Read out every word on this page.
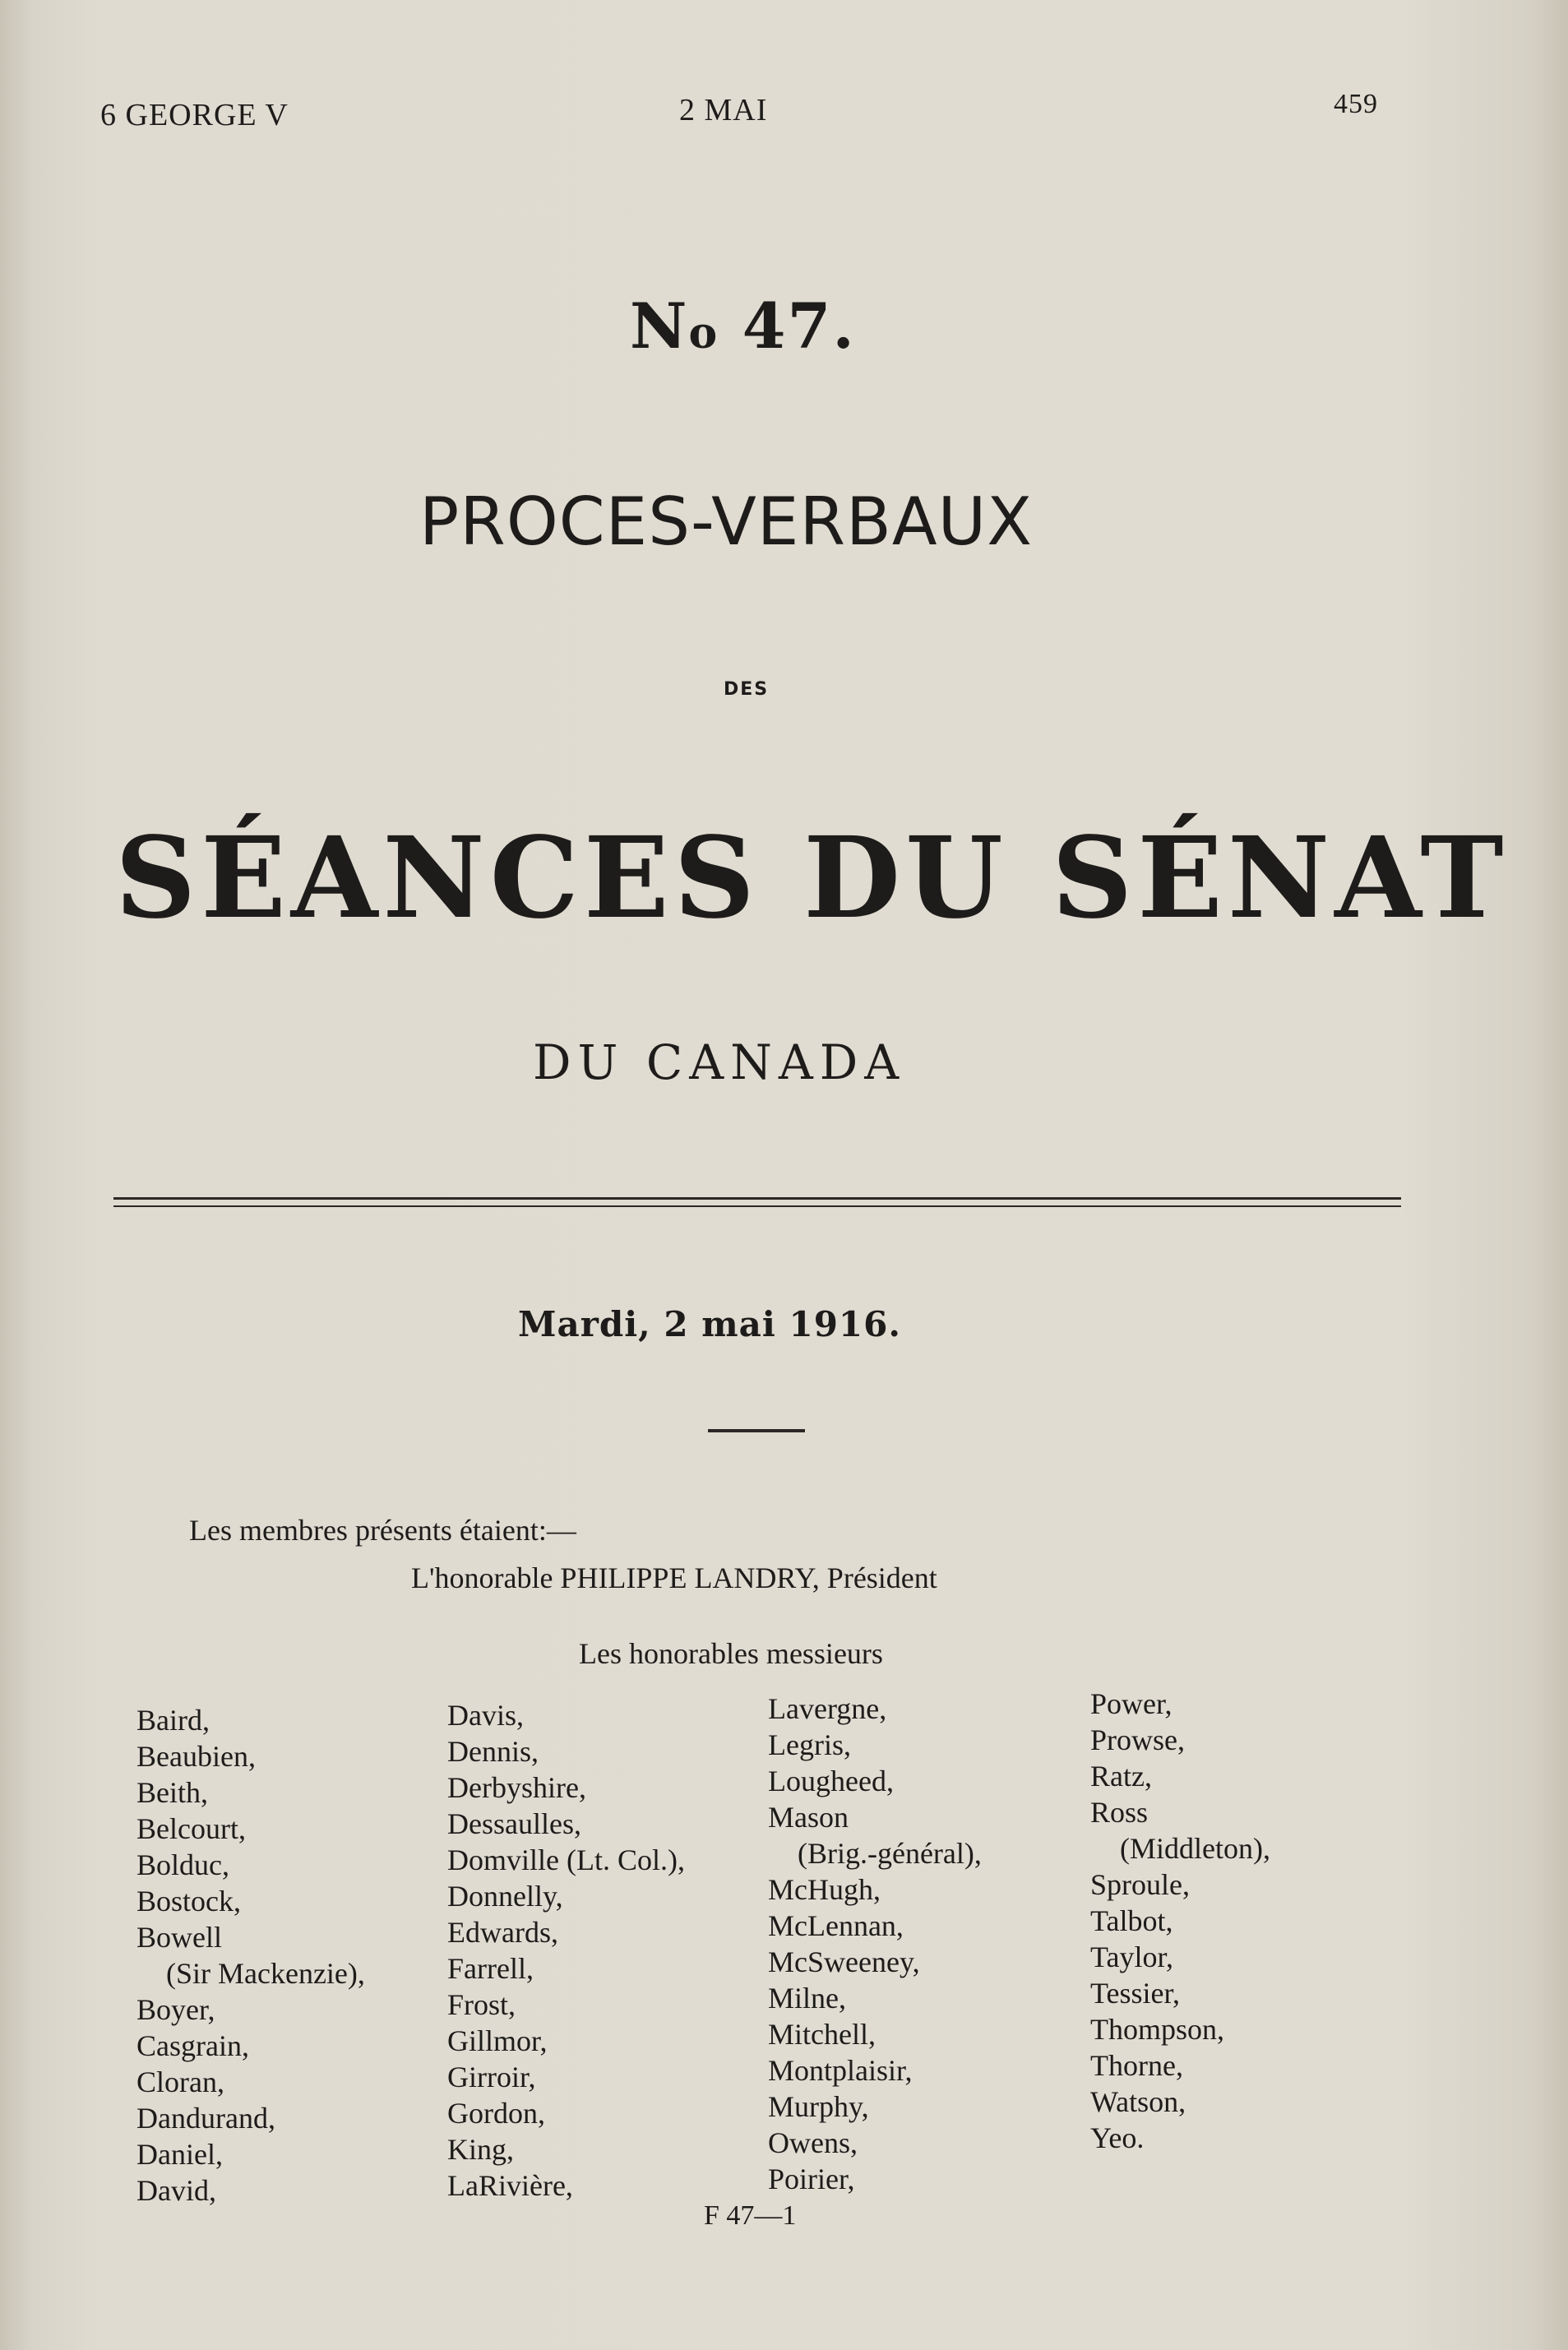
6 GEORGE V	2 MAI	459
No 47.
PROCES-VERBAUX
DES
SÉANCES DU SÉNAT
DU CANADA
Mardi, 2 mai 1916.
Les membres présents étaient:—
L'honorable PHILIPPE LANDRY, Président
Les honorables messieurs
Baird,
Beaubien,
Beith,
Belcourt,
Bolduc,
Bostock,
Bowell
(Sir Mackenzie),
Boyer,
Casgrain,
Cloran,
Dandurand,
Daniel,
David,
Davis,
Dennis,
Derbyshire,
Dessaulles,
Domville (Lt. Col.),
Donnelly,
Edwards,
Farrell,
Frost,
Gillmor,
Girroir,
Gordon,
King,
LaRivière,
Lavergne,
Legris,
Lougheed,
Mason
(Brig.-général),
McHugh,
McLennan,
McSweeney,
Milne,
Mitchell,
Montplaisir,
Murphy,
Owens,
Poirier,
Power,
Prowse,
Ratz,
Ross
(Middleton),
Sproule,
Talbot,
Taylor,
Tessier,
Thompson,
Thorne,
Watson,
Yeo.
F 47—1
